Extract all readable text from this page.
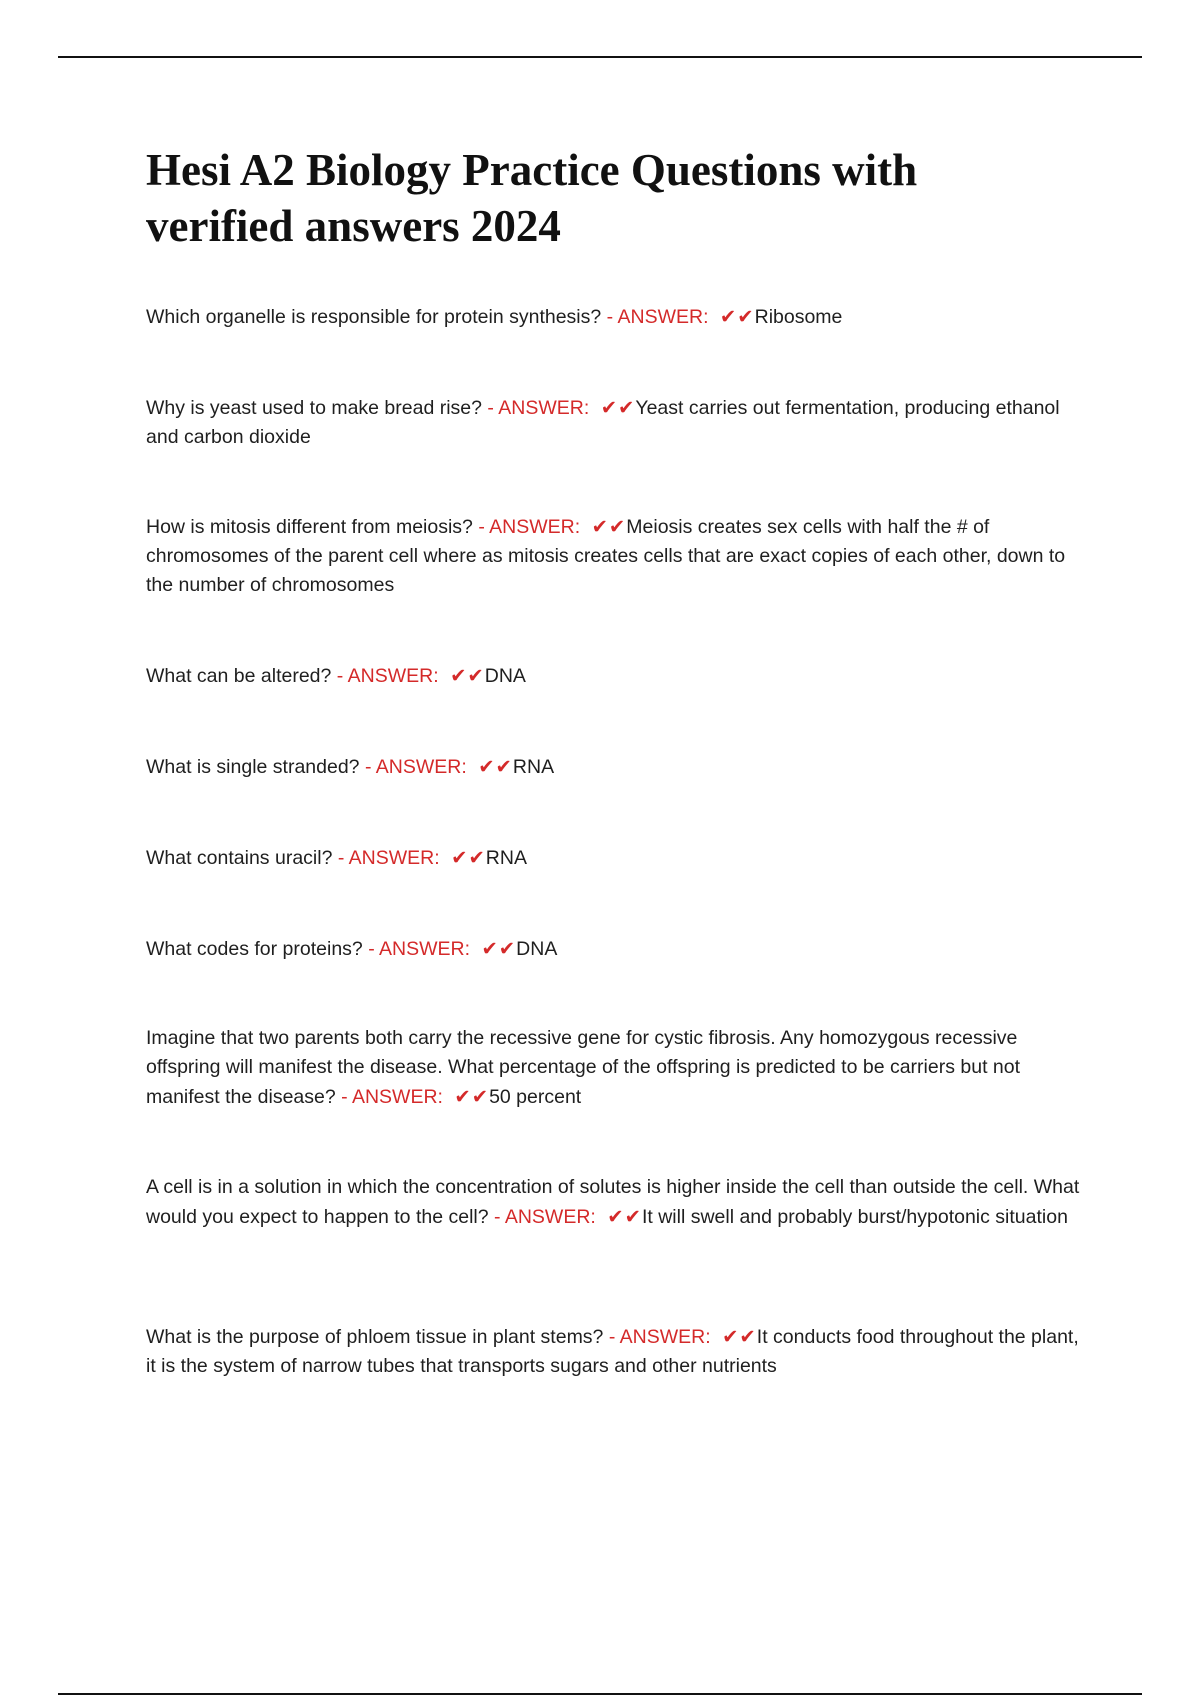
Hesi A2 Biology Practice Questions with verified answers 2024

Which organelle is responsible for protein synthesis? - ANSWER: ✔✔Ribosome

Why is yeast used to make bread rise? - ANSWER: ✔✔Yeast carries out fermentation, producing ethanol and carbon dioxide

How is mitosis different from meiosis? - ANSWER: ✔✔Meiosis creates sex cells with half the # of chromosomes of the parent cell where as mitosis creates cells that are exact copies of each other, down to the number of chromosomes

What can be altered? - ANSWER: ✔✔DNA

What is single stranded? - ANSWER: ✔✔RNA

What contains uracil? - ANSWER: ✔✔RNA

What codes for proteins? - ANSWER: ✔✔DNA

Imagine that two parents both carry the recessive gene for cystic fibrosis. Any homozygous recessive offspring will manifest the disease. What percentage of the offspring is predicted to be carriers but not manifest the disease? - ANSWER: ✔✔50 percent

A cell is in a solution in which the concentration of solutes is higher inside the cell than outside the cell. What would you expect to happen to the cell? - ANSWER: ✔✔It will swell and probably burst/hypotonic situation

What is the purpose of phloem tissue in plant stems? - ANSWER: ✔✔It conducts food throughout the plant, it is the system of narrow tubes that transports sugars and other nutrients
